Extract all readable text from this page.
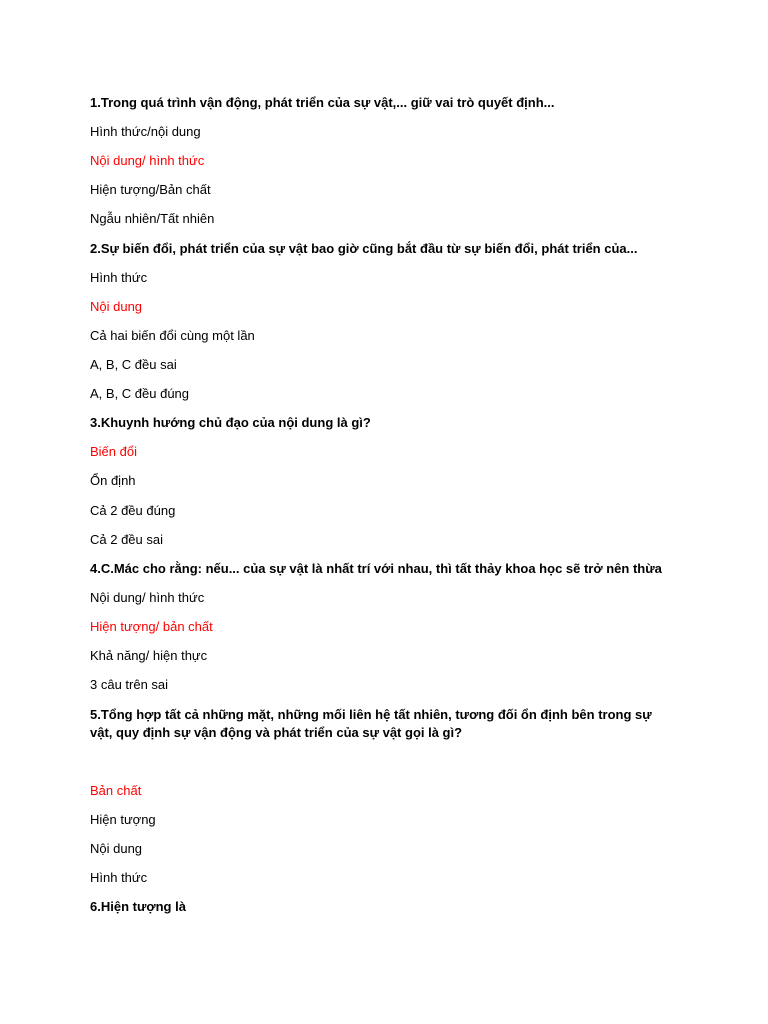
1.Trong quá trình vận động, phát triển của sự vật,... giữ vai trò quyết định...
Hình thức/nội dung
Nội dung/ hình thức
Hiện tượng/Bản chất
Ngẫu nhiên/Tất nhiên
2.Sự biến đổi, phát triển của sự vật bao giờ cũng bắt đầu từ sự biến đổi, phát triển của...
Hình thức
Nội dung
Cả hai biến đổi cùng một lần
A, B, C đều sai
A, B, C đều đúng
3.Khuynh hướng chủ đạo của nội dung là gì?
Biến đổi
Ổn định
Cả 2 đều đúng
Cả 2 đều sai
4.C.Mác cho rằng: nếu... của sự vật là nhất trí với nhau, thì tất thảy khoa học sẽ trở nên thừa
Nội dung/ hình thức
Hiện tượng/ bản chất
Khả năng/ hiện thực
3 câu trên sai
5.Tổng hợp tất cả những mặt, những mối liên hệ tất nhiên, tương đối ổn định bên trong sự vật, quy định sự vận động và phát triển của sự vật gọi là gì?
Bản chất
Hiện tượng
Nội dung
Hình thức
6.Hiện tượng là
